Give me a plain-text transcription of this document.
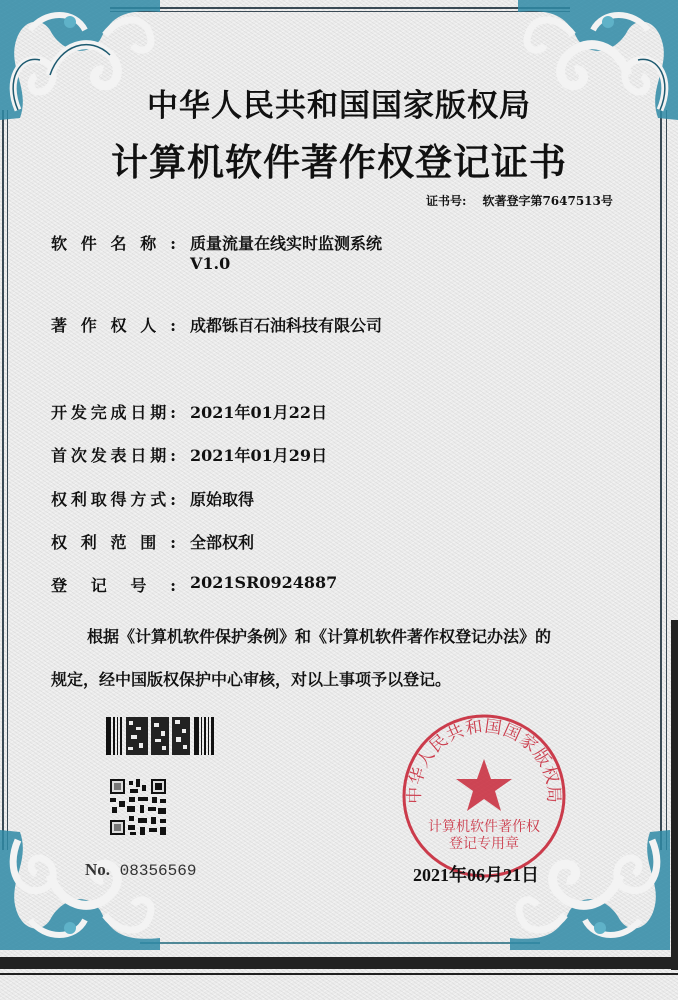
中华人民共和国国家版权局
计算机软件著作权登记证书
证书号: 软著登字第7647513号
软件名称: 质量流量在线实时监测系统
V1.0
著作权人: 成都铄百石油科技有限公司
开发完成日期: 2021年01月22日
首次发表日期: 2021年01月29日
权利取得方式: 原始取得
权利范围: 全部权利
登记号: 2021SR0924887
根据《计算机软件保护条例》和《计算机软件著作权登记办法》的
规定，经中国版权保护中心审核，对以上事项予以登记。
No. 08356569
中华人民共和国国家版权局
计算机软件著作权
登记专用章
2021年06月21日
